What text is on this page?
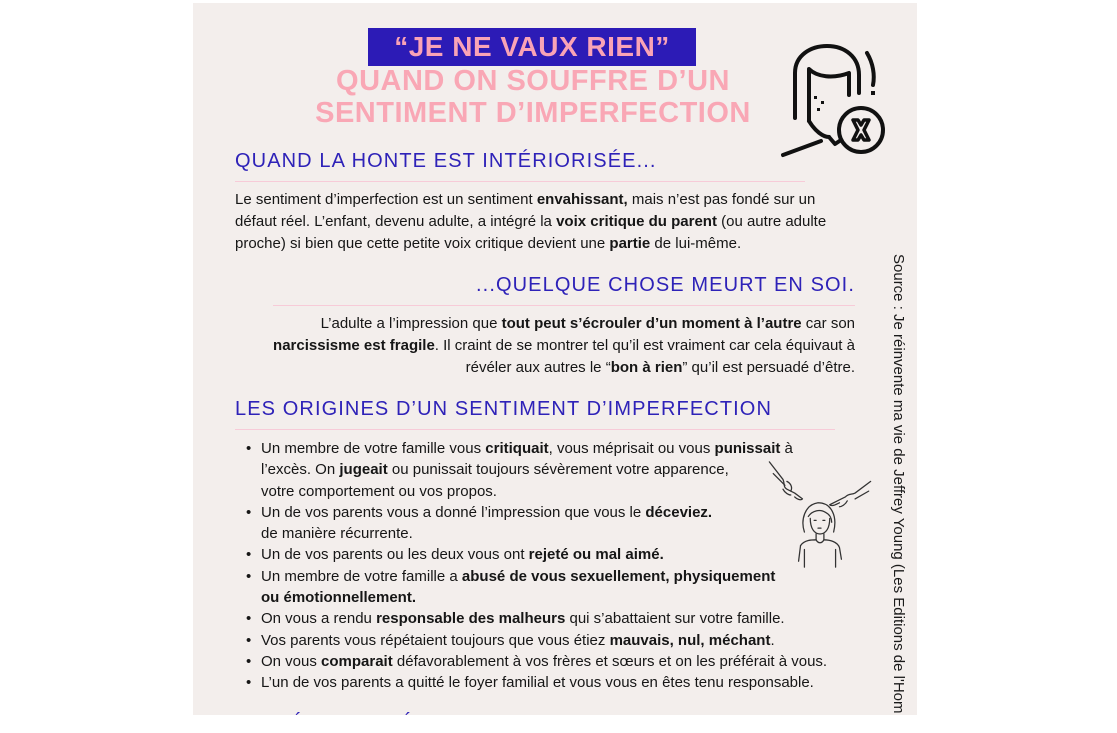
“JE NE VAUX RIEN”
QUAND ON SOUFFRE D’UN
SENTIMENT D’IMPERFECTION
QUAND LA HONTE EST INTÉRIORISÉE...
Le sentiment d’imperfection est un sentiment envahissant, mais n’est pas fondé sur un défaut réel. L’enfant, devenu adulte, a intégré la voix critique du parent (ou autre adulte proche) si bien que cette petite voix critique devient une partie de lui-même.
...QUELQUE CHOSE MEURT EN SOI.
L’adulte a l’impression que tout peut s’écrouler d’un moment à l’autre car son narcissisme est fragile. Il craint de se montrer tel qu’il est vraiment car cela équivaut à révéler aux autres le “bon à rien” qu’il est persuadé d’être.
LES ORIGINES D’UN SENTIMENT D’IMPERFECTION
• Un membre de votre famille vous critiquait, vous méprisait ou vous punissait à
l’excès. On jugeait ou punissait toujours sévèrement votre apparence,
votre comportement ou vos propos.
• Un de vos parents vous a donné l’impression que vous le déceviez.
de manière récurrente.
• Un de vos parents ou les deux vous ont rejeté ou mal aimé.
• Un membre de votre famille a abusé de vous sexuellement, physiquement
ou émotionnellement.
• On vous a rendu responsable des malheurs qui s’abattaient sur votre famille.
• Vos parents vous répétaient toujours que vous étiez mauvais, nul, méchant.
• On vous comparait défavorablement à vos frères et sœurs et on les préférait à vous.
• L’un de vos parents a quitté le foyer familial et vous vous en êtes tenu responsable.	Source : Je réinvente ma vie de Jeffrey Young (Les Editions de l'Hom
´	´
